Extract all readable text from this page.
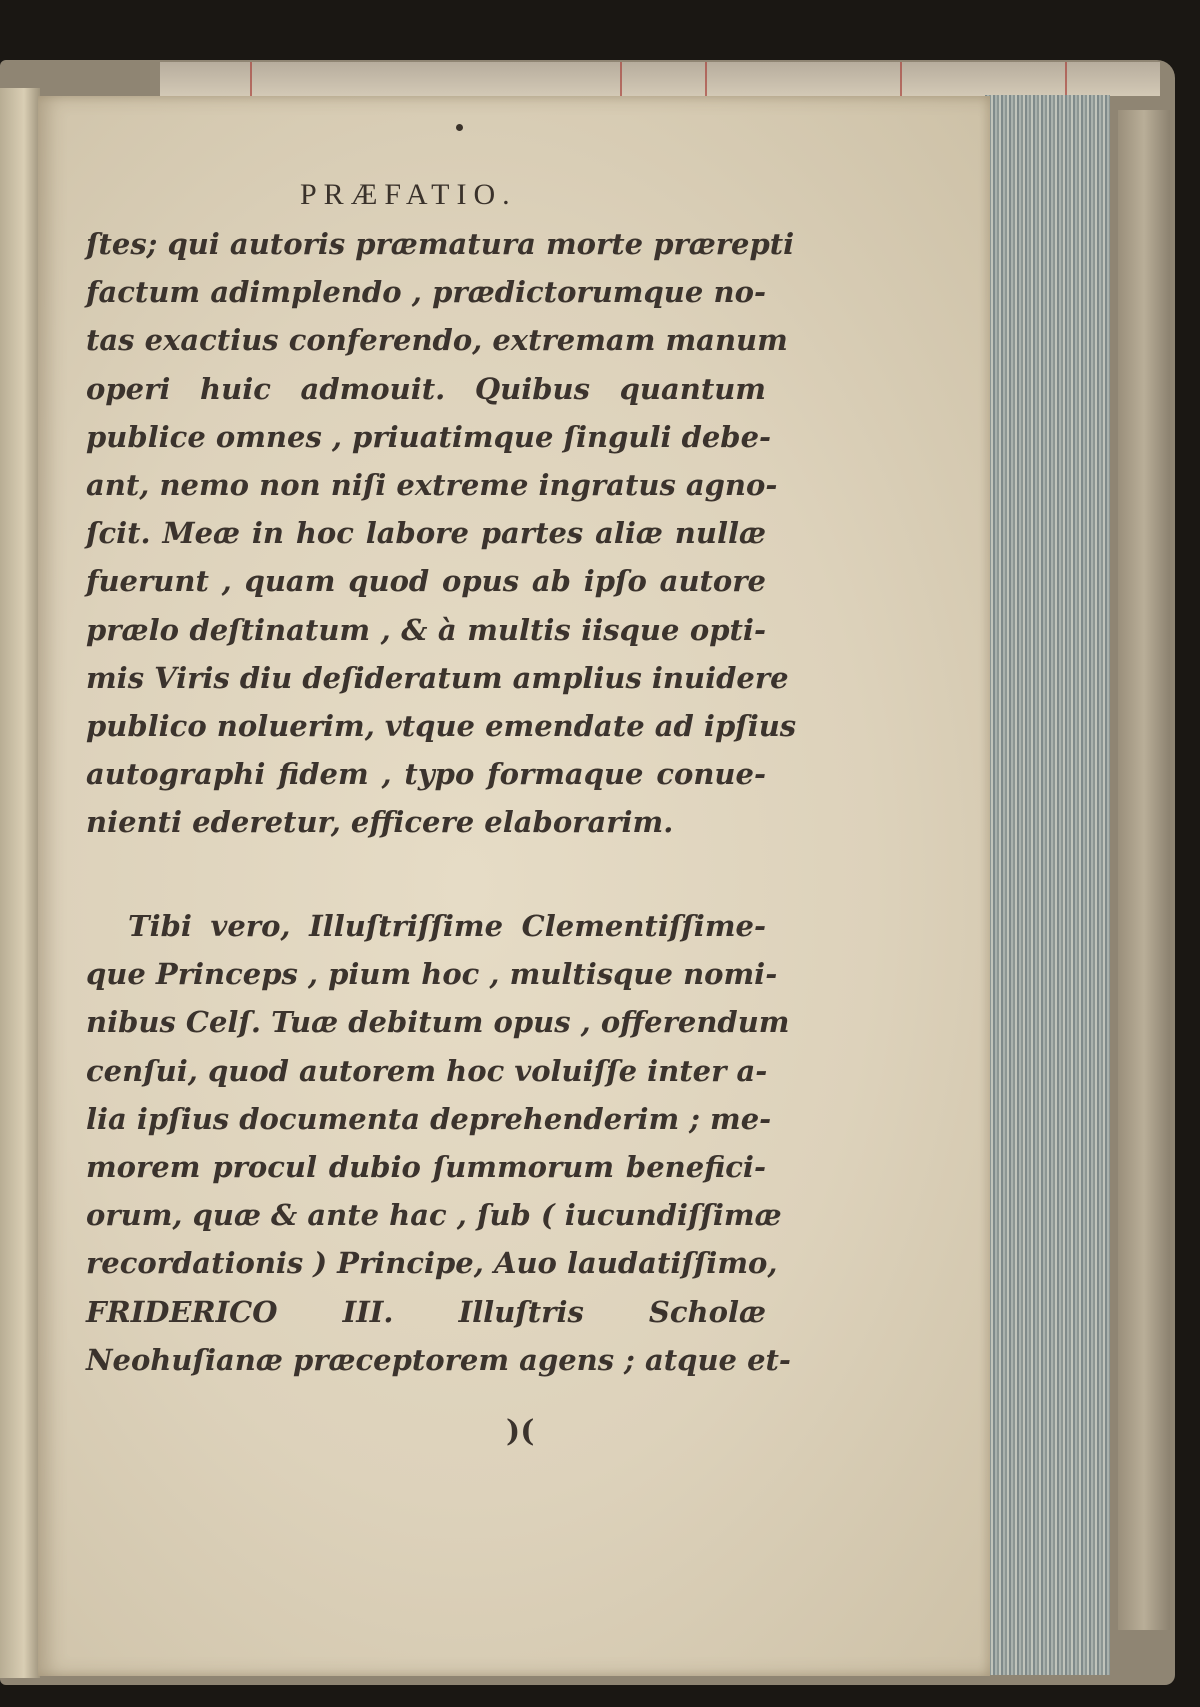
PRÆFATIO.
ſtes; qui autoris præmatura morte prærepti
factum adimplendo , prædictorumque no-
tas exactius conferendo, extremam manum
operi huic admouit. Quibus quantum
publice omnes , priuatimque ſinguli debe-
ant, nemo non niſi extreme ingratus agno-
ſcit. Meæ in hoc labore partes aliæ nullæ
fuerunt , quam quod opus ab ipſo autore
prælo deſtinatum , & à multis iisque opti-
mis Viris diu deſideratum amplius inuidere
publico noluerim, vtque emendate ad ipſius
autographi fidem , typo formaque conue-
nienti ederetur, efficere elaborarim.
Tibi vero, Illuſtriſſime Clementiſſime-
que Princeps , pium hoc , multisque nomi-
nibus Celſ. Tuæ debitum opus , offerendum
cenſui, quod autorem hoc voluiſſe inter a-
lia ipſius documenta deprehenderim ; me-
morem procul dubio ſummorum benefici-
orum, quæ & ante hac , ſub ( iucundiſſimæ
recordationis ) Principe, Auo laudatiſſimo,
FRIDERICO III. Illuſtris Scholæ
Neohuſianæ præceptorem agens ; atque et-
)(
